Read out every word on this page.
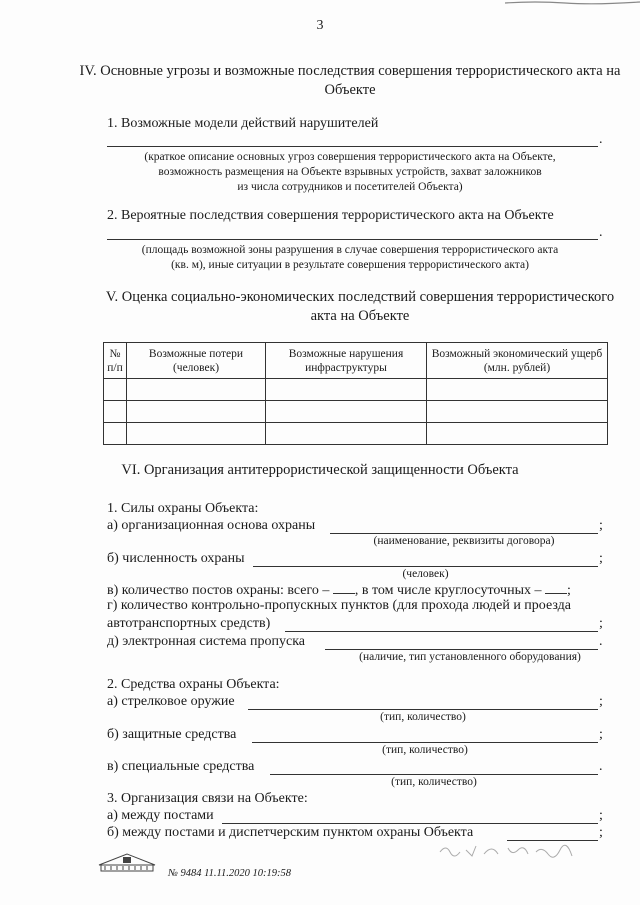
3
IV. Основные угрозы и возможные последствия совершения террористического акта на Объекте
1. Возможные модели действий нарушителей
.
(краткое описание основных угроз совершения террористического акта на Объекте,
возможность размещения на Объекте взрывных устройств, захват заложников
из числа сотрудников и посетителей Объекта)
2. Вероятные последствия совершения террористического акта на Объекте
.
(площадь возможной зоны разрушения в случае совершения террористического акта
(кв. м), иные ситуации в результате совершения террористического акта)
V. Оценка социально-экономических последствий совершения террористического акта на Объекте
№ п/п	Возможные потери (человек)	Возможные нарушения инфраструктуры	Возможный экономический ущерб (млн. рублей)

VI. Организация антитеррористической защищенности Объекта
1. Силы охраны Объекта:
а) организационная основа охраны	;
(наименование, реквизиты договора)
б) численность охраны	;
(человек)
в) количество постов охраны: всего – , в том числе круглосуточных – ;
г) количество контрольно-пропускных пунктов (для прохода людей и проезда
автотранспортных средств)	;
д) электронная система пропуска	.
(наличие, тип установленного оборудования)
2. Средства охраны Объекта:
а) стрелковое оружие	;
(тип, количество)
б) защитные средства	;
(тип, количество)
в) специальные средства	.
(тип, количество)
3. Организация связи на Объекте:
а) между постами	;
б) между постами и диспетчерским пунктом охраны Объекта	;
№ 9484 11.11.2020 10:19:58
